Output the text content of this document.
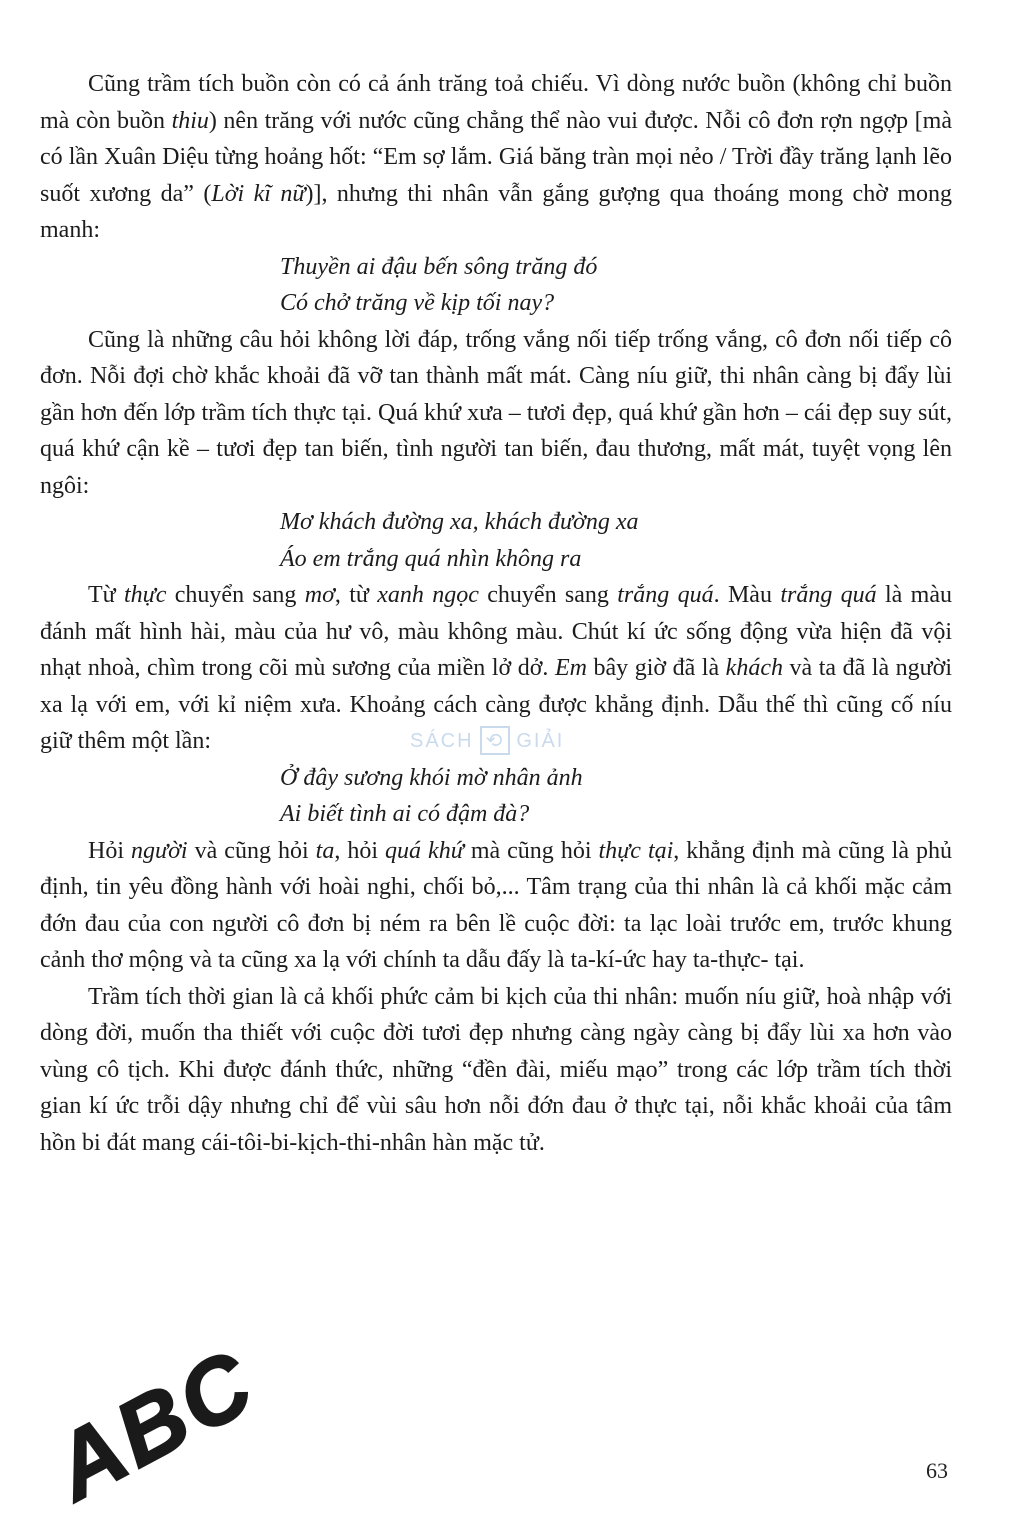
Cũng trầm tích buồn còn có cả ánh trăng toả chiếu. Vì dòng nước buồn (không chỉ buồn mà còn buồn thiu) nên trăng với nước cũng chẳng thể nào vui được. Nỗi cô đơn rợn ngợp [mà có lần Xuân Diệu từng hoảng hốt: “Em sợ lắm. Giá băng tràn mọi nẻo / Trời đầy trăng lạnh lẽo suốt xương da” (Lời kĩ nữ)], nhưng thi nhân vẫn gắng gượng qua thoáng mong chờ mong manh:

Thuyền ai đậu bến sông trăng đó

Có chở trăng về kịp tối nay?

Cũng là những câu hỏi không lời đáp, trống vắng nối tiếp trống vắng, cô đơn nối tiếp cô đơn. Nỗi đợi chờ khắc khoải đã vỡ tan thành mất mát. Càng níu giữ, thi nhân càng bị đẩy lùi gần hơn đến lớp trầm tích thực tại. Quá khứ xưa – tươi đẹp, quá khứ gần hơn – cái đẹp suy sút, quá khứ cận kề – tươi đẹp tan biến, tình người tan biến, đau thương, mất mát, tuyệt vọng lên ngôi:

Mơ khách đường xa, khách đường xa

Áo em trắng quá nhìn không ra

Từ thực chuyển sang mơ, từ xanh ngọc chuyển sang trắng quá. Màu trắng quá là màu đánh mất hình hài, màu của hư vô, màu không màu. Chút kí ức sống động vừa hiện đã vội nhạt nhoà, chìm trong cõi mù sương của miền lở dở. Em bây giờ đã là khách và ta đã là người xa lạ với em, với kỉ niệm xưa. Khoảng cách càng được khẳng định. Dẫu thế thì cũng cố níu giữ thêm một lần:

Ở đây sương khói mờ nhân ảnh

Ai biết tình ai có đậm đà?

Hỏi người và cũng hỏi ta, hỏi quá khứ mà cũng hỏi thực tại, khẳng định mà cũng là phủ định, tin yêu đồng hành với hoài nghi, chối bỏ,... Tâm trạng của thi nhân là cả khối mặc cảm đớn đau của con người cô đơn bị ném ra bên lề cuộc đời: ta lạc loài trước em, trước khung cảnh thơ mộng và ta cũng xa lạ với chính ta dẫu đấy là ta-kí-ức hay ta-thực- tại.

Trầm tích thời gian là cả khối phức cảm bi kịch của thi nhân: muốn níu giữ, hoà nhập với dòng đời, muốn tha thiết với cuộc đời tươi đẹp nhưng càng ngày càng bị đẩy lùi xa hơn vào vùng cô tịch. Khi được đánh thức, những “đền đài, miếu mạo” trong các lớp trầm tích thời gian kí ức trỗi dậy nhưng chỉ để vùi sâu hơn nỗi đớn đau ở thực tại, nỗi khắc khoải của tâm hồn bi đát mang cái-tôi-bi-kịch-thi-nhân hàn mặc tử.

SÁCH ⟲ GIẢI
ABC	63
